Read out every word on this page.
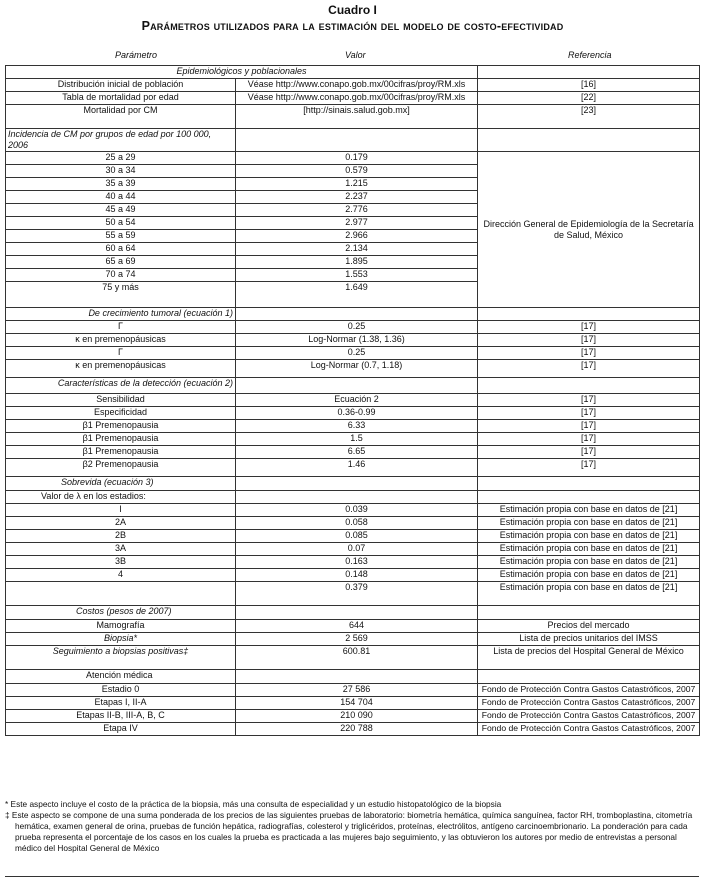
Cuadro I
Parámetros utilizados para la estimación del modelo de costo-efectividad
Parámetro	Valor	Referencia
Epidemiológicos y poblacionales		
Distribución inicial de población	Véase http://www.conapo.gob.mx/00cifras/proy/RM.xls	[16]
Tabla de mortalidad por edad	Véase http://www.conapo.gob.mx/00cifras/proy/RM.xls	[22]
Mortalidad por CM	[http://sinais.salud.gob.mx]	[23]
Incidencia de CM por grupos de edad por 100 000, 2006		
25 a 29	0.179	Dirección General de Epidemiología de la Secretaría de Salud, México
30 a 34	0.579	
35 a 39	1.215	
40 a 44	2.237	
45 a 49	2.776	
50 a 54	2.977	
55 a 59	2.966	
60 a 64	2.134	
65 a 69	1.895	
70 a 74	1.553	
75 y más	1.649	
De crecimiento tumoral (ecuación 1)		
Γ	0.25	[17]
κ en premenopáusicas	Log-Normar (1.38, 1.36)	[17]
Γ	0.25	[17]
κ en premenopáusicas	Log-Normar (0.7, 1.18)	[17]
Características de la detección (ecuación 2)		
Sensibilidad	Ecuación 2	[17]
Especificidad	0.36-0.99	[17]
β1 Premenopausia	6.33	[17]
β1 Premenopausia	1.5	[17]
β1 Premenopausia	6.65	[17]
β2 Premenopausia	1.46	[17]
Sobrevida (ecuación 3)		
Valor de λ en los estadios:		
I	0.039	Estimación propia con base en datos de [21]
2A	0.058	Estimación propia con base en datos de [21]
2B	0.085	Estimación propia con base en datos de [21]
3A	0.07	Estimación propia con base en datos de [21]
3B	0.163	Estimación propia con base en datos de [21]
4	0.148	Estimación propia con base en datos de [21]
	0.379	Estimación propia con base en datos de [21]
Costos (pesos de 2007)		
Mamografía	644	Precios del mercado
Biopsia*	2 569	Lista de precios unitarios del IMSS
Seguimiento a biopsias positivas‡	600.81	Lista de precios del Hospital General de México
Atención médica		
Estadio 0	27 586	Fondo de Protección Contra Gastos Catastróficos, 2007
Etapas I, II-A	154 704	Fondo de Protección Contra Gastos Catastróficos, 2007
Etapas II-B, III-A, B, C	210 090	Fondo de Protección Contra Gastos Catastróficos, 2007
Etapa IV	220 788	Fondo de Protección Contra Gastos Catastróficos, 2007

* Este aspecto incluye el costo de la práctica de la biopsia, más una consulta de especialidad y un estudio histopatológico de la biopsia

‡ Este aspecto se compone de una suma ponderada de los precios de las siguientes pruebas de laboratorio: biometría hemática, química sanguínea, factor RH, tromboplastina, citometría hemática, examen general de orina, pruebas de función hepática, radiografías, colesterol y triglicéridos, proteínas, electrólitos, antígeno carcinoembrionario. La ponderación para cada prueba representa el porcentaje de los casos en los cuales la prueba es practicada a las mujeres bajo seguimiento, y las obtuvieron los autores por medio de entrevistas a personal médico del Hospital General de México
